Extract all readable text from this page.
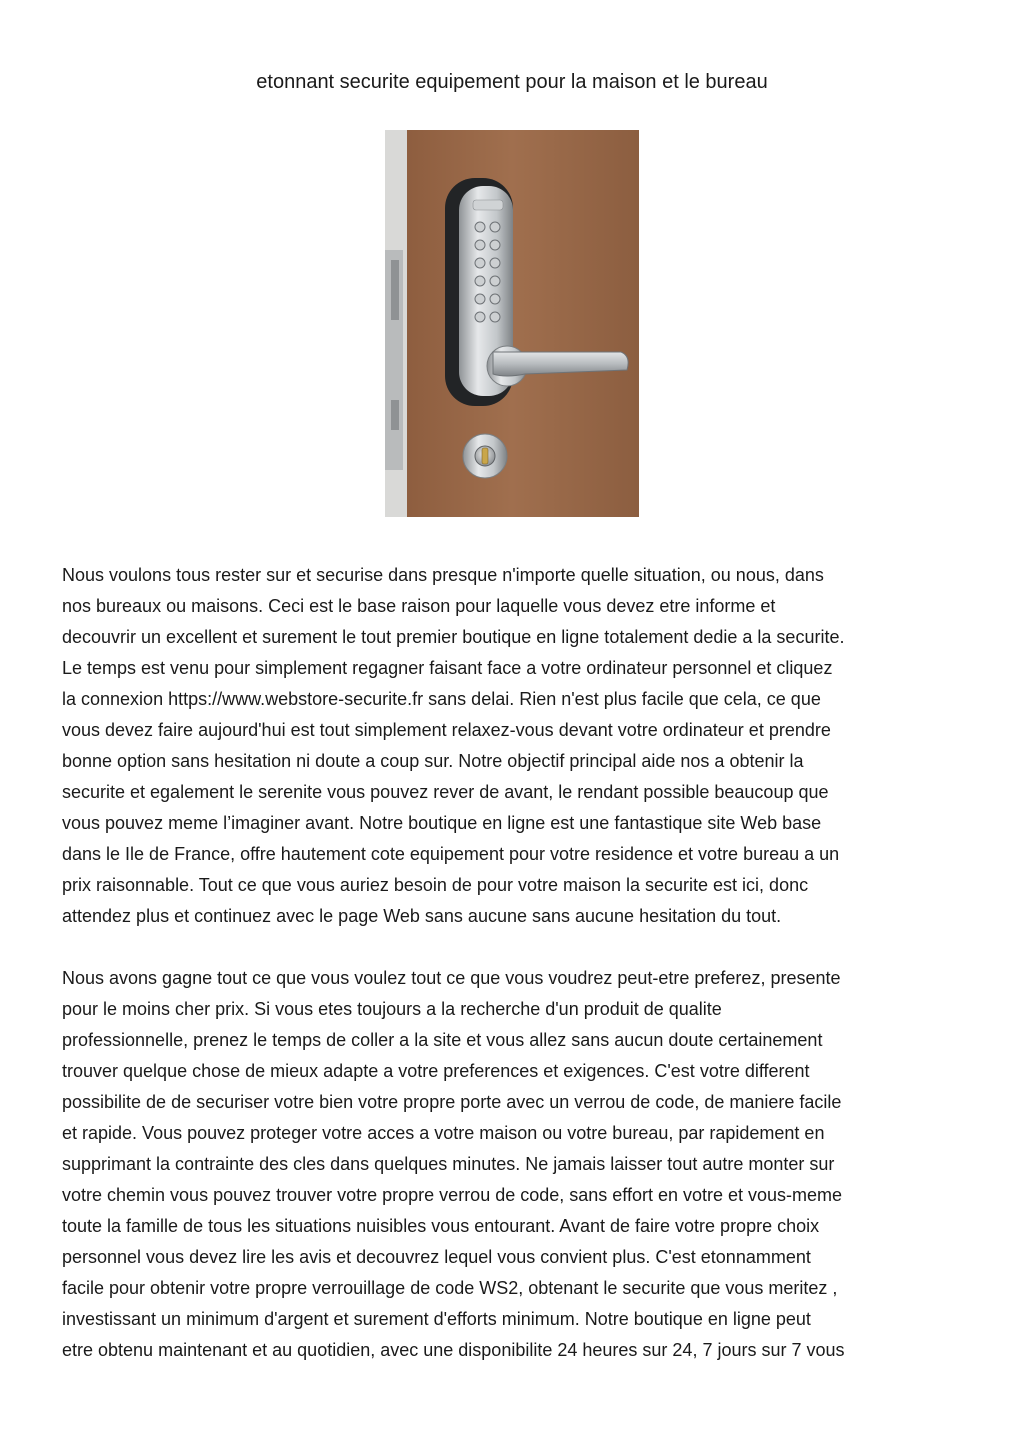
etonnant securite equipement pour la maison et le bureau

Nous voulons tous rester sur et securise dans presque n'importe quelle situation, ou nous, dans
nos bureaux ou maisons. Ceci est le base raison pour laquelle vous devez etre informe et
decouvrir un excellent et surement le tout premier boutique en ligne totalement dedie a la securite.
Le temps est venu pour simplement regagner faisant face a votre ordinateur personnel et cliquez
la connexion https://www.webstore-securite.fr sans delai. Rien n'est plus facile que cela, ce que
vous devez faire aujourd'hui est tout simplement relaxez-vous devant votre ordinateur et prendre
bonne option sans hesitation ni doute a coup sur. Notre objectif principal aide nos a obtenir la
securite et egalement le serenite vous pouvez rever de avant, le rendant possible beaucoup que
vous pouvez meme l’imaginer avant. Notre boutique en ligne est une fantastique site Web base
dans le Ile de France, offre hautement cote equipement pour votre residence et votre bureau a un
prix raisonnable. Tout ce que vous auriez besoin de pour votre maison la securite est ici, donc
attendez plus et continuez avec le page Web sans aucune sans aucune hesitation du tout.

Nous avons gagne tout ce que vous voulez tout ce que vous voudrez peut-etre preferez, presente
pour le moins cher prix. Si vous etes toujours a la recherche d'un produit de qualite
professionnelle, prenez le temps de coller a la site et vous allez sans aucun doute certainement
trouver quelque chose de mieux adapte a votre preferences et exigences. C'est votre different
possibilite de de securiser votre bien votre propre porte avec un verrou de code, de maniere facile
et rapide. Vous pouvez proteger votre acces a votre maison ou votre bureau, par rapidement en
supprimant la contrainte des cles dans quelques minutes. Ne jamais laisser tout autre monter sur
votre chemin vous pouvez trouver votre propre verrou de code, sans effort en votre et vous-meme
toute la famille de tous les situations nuisibles vous entourant. Avant de faire votre propre choix
personnel vous devez lire les avis et decouvrez lequel vous convient plus. C'est etonnamment
facile pour obtenir votre propre verrouillage de code WS2, obtenant le securite que vous meritez ,
investissant un minimum d'argent et surement d'efforts minimum. Notre boutique en ligne peut
etre obtenu maintenant et au quotidien, avec une disponibilite 24 heures sur 24, 7 jours sur 7 vous
